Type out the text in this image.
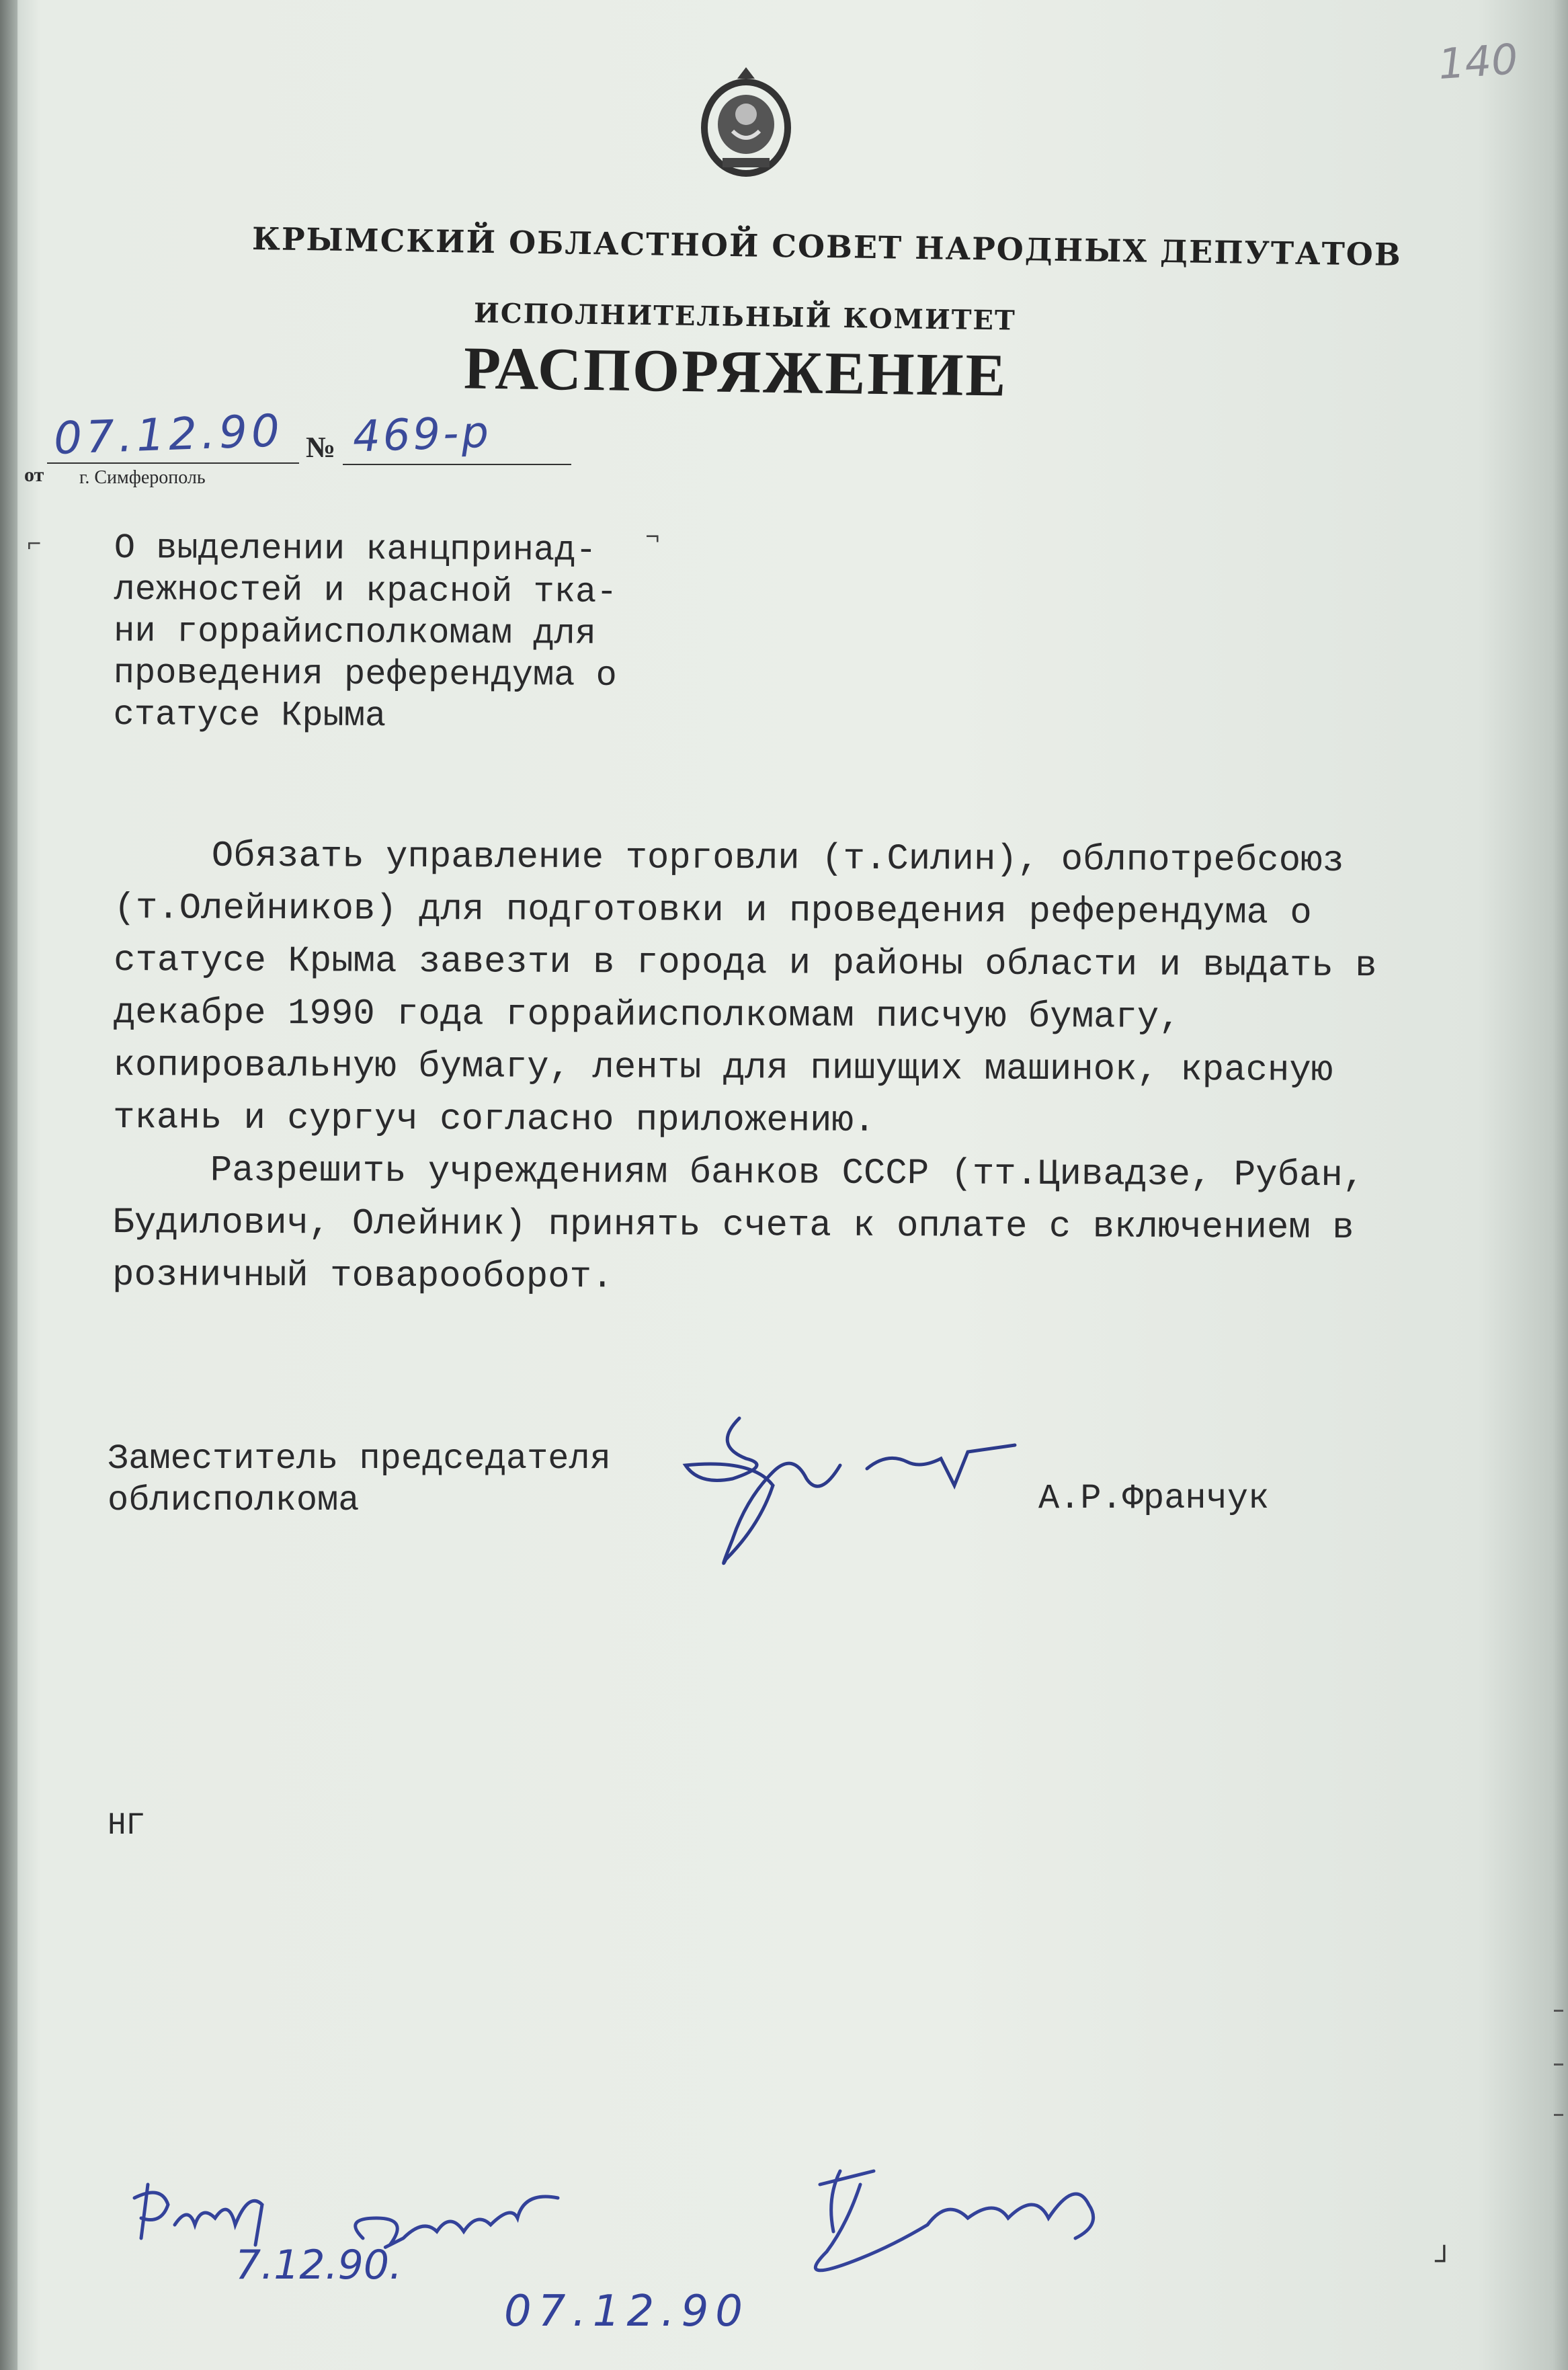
140
КРЫМСКИЙ ОБЛАСТНОЙ СОВЕТ НАРОДНЫХ ДЕПУТАТОВ
ИСПОЛНИТЕЛЬНЫЙ КОМИТЕТ
РАСПОРЯЖЕНИЕ
от
07.12.90 № 469-р
г. Симферополь
⌐	¬
О выделении канцпринад-
лежностей и красной тка-
ни горрайисполкомам для
проведения референдума о
статусе Крыма

Обязать управление торговли (т.Силин), облпотребсоюз (т.Олейников) для подготовки и проведения референдума о статусе Крыма завезти в города и районы области и выдать в декабре 1990 года горрайисполкомам писчую бумагу, копировальную бумагу, ленты для пишущих машинок, красную ткань и сургуч согласно приложению.

Разрешить учреждениям банков СССР (тт.Цивадзе, Рубан, Будилович, Олейник) принять счета к оплате с включением в розничный товарооборот.

Заместитель председателя
облисполкома	А.Р.Франчук
НГ
7.12.90.
07.12.90
┘
